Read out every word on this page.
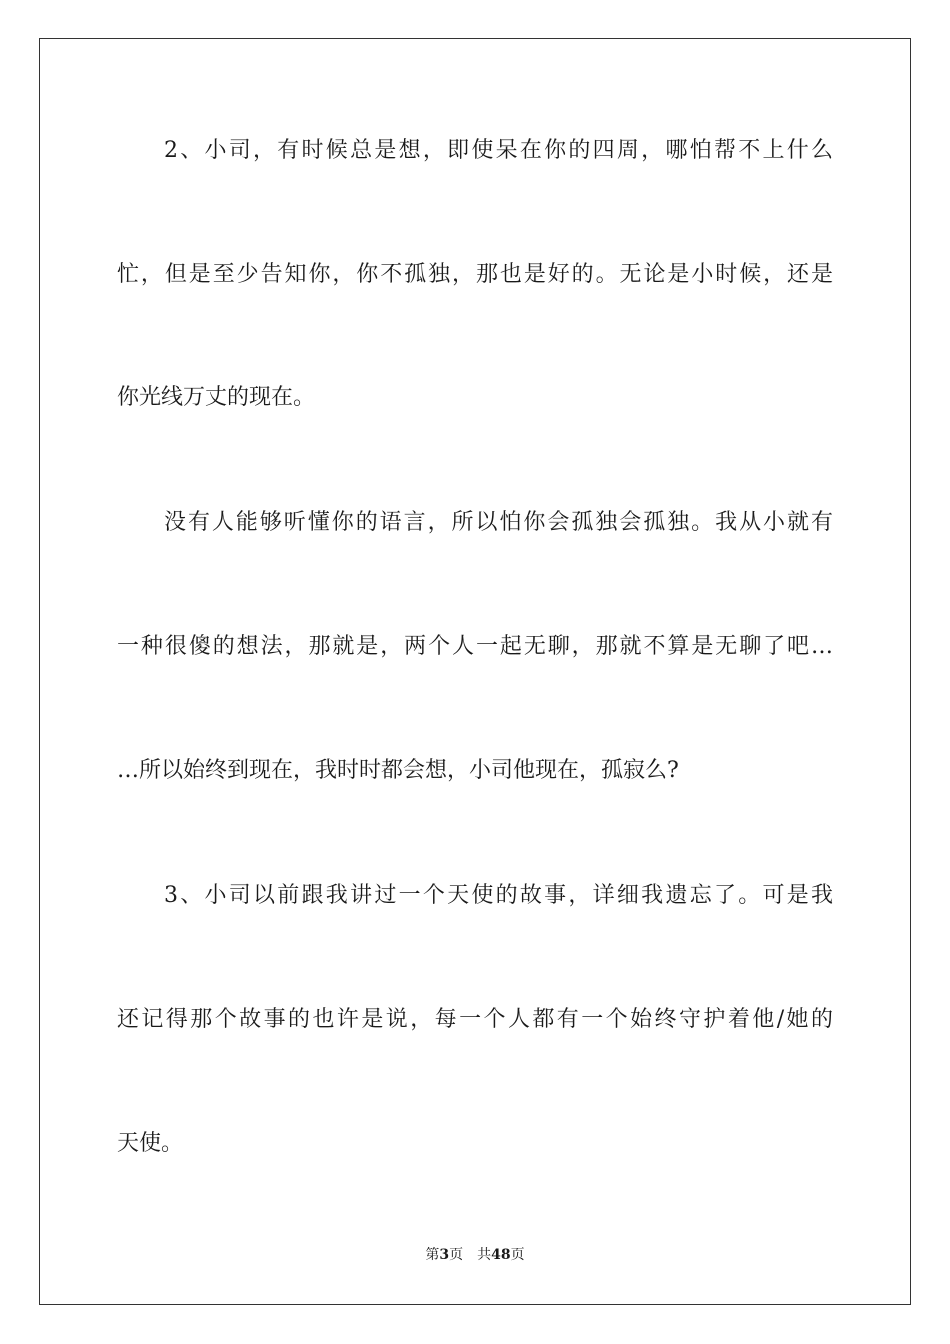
2、小司，有时候总是想，即使呆在你的四周，哪怕帮不上什么
忙，但是至少告知你，你不孤独，那也是好的。无论是小时候，还是
你光线万丈的现在。
没有人能够听懂你的语言，所以怕你会孤独会孤独。我从小就有
一种很傻的想法，那就是，两个人一起无聊，那就不算是无聊了吧…
…所以始终到现在，我时时都会想，小司他现在，孤寂么?
3、小司以前跟我讲过一个天使的故事，详细我遗忘了。可是我
还记得那个故事的也许是说，每一个人都有一个始终守护着他/她的
天使。
第3页 共48页
